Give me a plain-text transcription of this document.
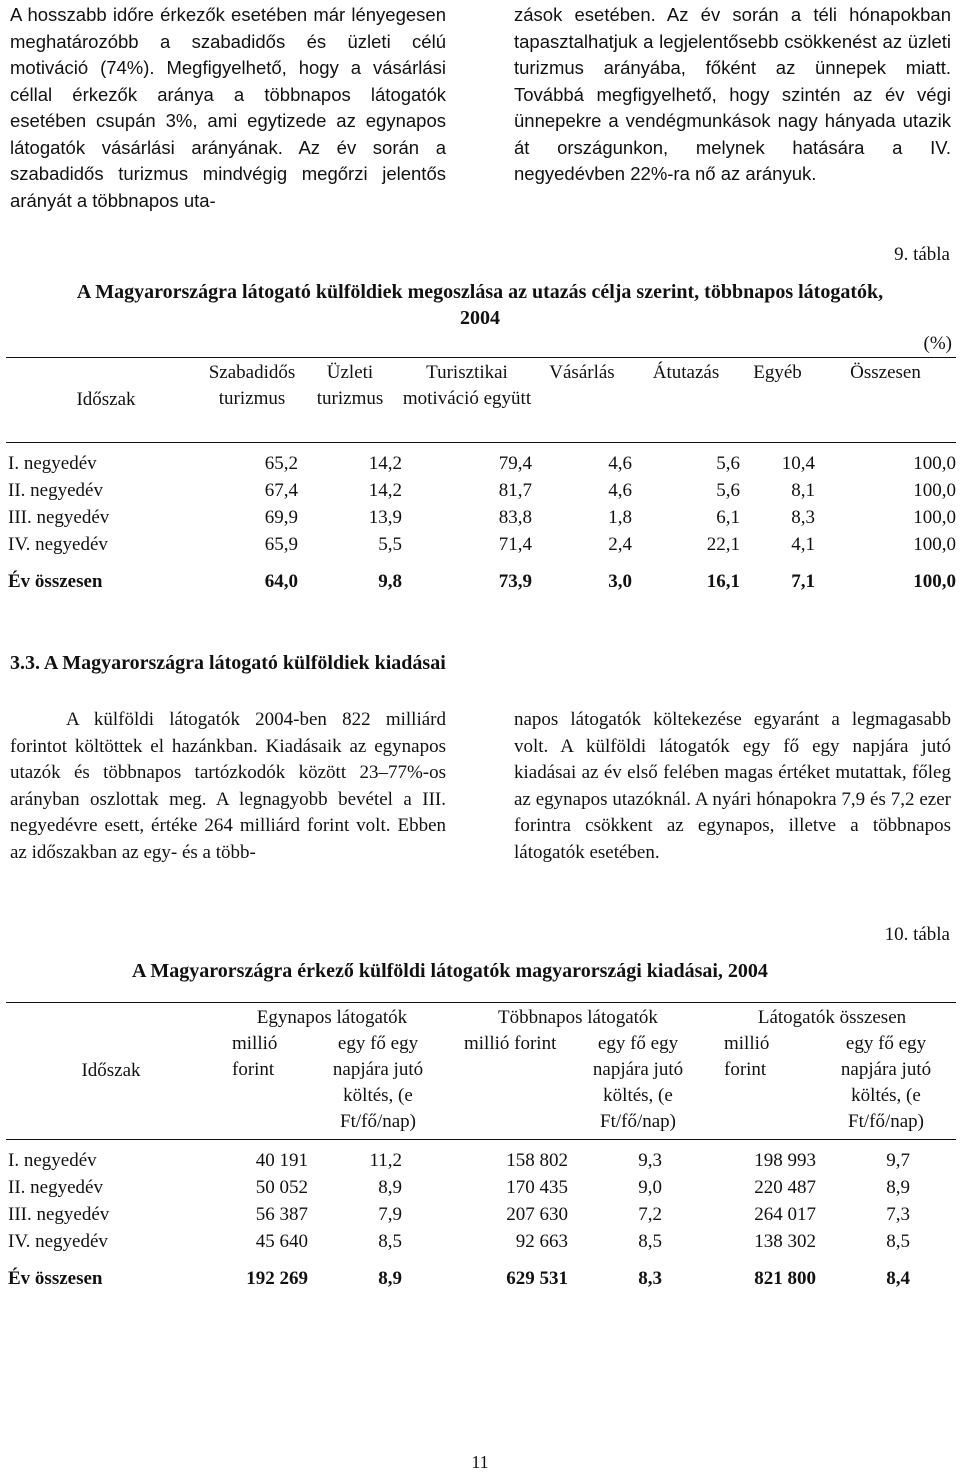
A hosszabb időre érkezők esetében már lényegesen meghatározóbb a szabadidős és üzleti célú motiváció (74%). Megfigyelhető, hogy a vásárlási céllal érkezők aránya a többnapos látogatók esetében csupán 3%, ami egytizede az egynapos látogatók vásárlási arányának. Az év során a szabadidős turizmus mindvégig megőrzi jelentős arányát a többnapos uta-

zások esetében. Az év során a téli hónapokban tapasztalhatjuk a legjelentősebb csökkenést az üzleti turizmus arányába, főként az ünnepek miatt. Továbbá megfigyelhető, hogy szintén az év végi ünnepekre a vendégmunkások nagy hányada utazik át országunkon, melynek hatására a IV. negyedévben 22%-ra nő az arányuk.

9. tábla
A Magyarországra látogató külföldiek megoszlása az utazás célja szerint, többnapos látogatók, 2004
(%)
Időszak	Szabadidős turizmus	Üzleti turizmus	Turisztikai motiváció együtt	Vásárlás	Átutazás	Egyéb	Összesen

I. negyedév	65,2	14,2	79,4	4,6	5,6	10,4	100,0
II. negyedév	67,4	14,2	81,7	4,6	5,6	8,1	100,0
III. negyedév	69,9	13,9	83,8	1,8	6,1	8,3	100,0
IV. negyedév	65,9	5,5	71,4	2,4	22,1	4,1	100,0

Év összesen	64,0	9,8	73,9	3,0	16,1	7,1	100,0
3.3. A Magyarországra látogató külföldiek kiadásai

A külföldi látogatók 2004-ben 822 milliárd forintot költöttek el hazánkban. Kiadásaik az egynapos utazók és többnapos tartózkodók között 23–77%-os arányban oszlottak meg. A legnagyobb bevétel a III. negyedévre esett, értéke 264 milliárd forint volt. Ebben az időszakban az egy- és a több-

napos látogatók költekezése egyaránt a legmagasabb volt. A külföldi látogatók egy fő egy napjára jutó kiadásai az év első felében magas értéket mutattak, főleg az egynapos utazóknál. A nyári hónapokra 7,9 és 7,2 ezer forintra csökkent az egynapos, illetve a többnapos látogatók esetében.

10. tábla
A Magyarországra érkező külföldi látogatók magyarországi kiadásai, 2004
Időszak	Egynapos látogatók		Többnapos látogatók		Látogatók összesen	
	millió forint	egy fő egy napjára jutó költés, (e Ft/fő/nap)	millió forint	egy fő egy napjára jutó költés, (e Ft/fő/nap)	millió forint	egy fő egy napjára jutó költés, (e Ft/fő/nap)

I. negyedév	40 191	11,2	158 802	9,3	198 993	9,7
II. negyedév	50 052	8,9	170 435	9,0	220 487	8,9
III. negyedév	56 387	7,9	207 630	7,2	264 017	7,3
IV. negyedév	45 640	8,5	92 663	8,5	138 302	8,5

Év összesen	192 269	8,9	629 531	8,3	821 800	8,4
11
